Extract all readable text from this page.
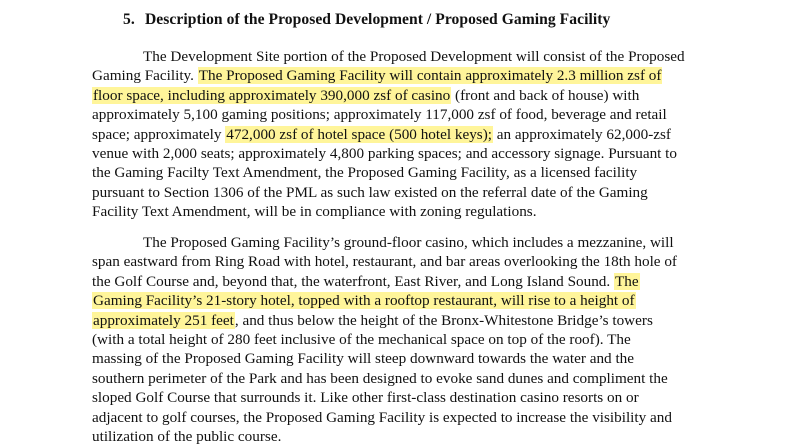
5. Description of the Proposed Development / Proposed Gaming Facility
The Development Site portion of the Proposed Development will consist of the Proposed
Gaming Facility. The Proposed Gaming Facility will contain approximately 2.3 million zsf of
floor space, including approximately 390,000 zsf of casino (front and back of house) with
approximately 5,100 gaming positions; approximately 117,000 zsf of food, beverage and retail
space; approximately 472,000 zsf of hotel space (500 hotel keys); an approximately 62,000-zsf
venue with 2,000 seats; approximately 4,800 parking spaces; and accessory signage. Pursuant to
the Gaming Facilty Text Amendment, the Proposed Gaming Facility, as a licensed facility
pursuant to Section 1306 of the PML as such law existed on the referral date of the Gaming
Facility Text Amendment, will be in compliance with zoning regulations.
The Proposed Gaming Facility’s ground-floor casino, which includes a mezzanine, will
span eastward from Ring Road with hotel, restaurant, and bar areas overlooking the 18th hole of
the Golf Course and, beyond that, the waterfront, East River, and Long Island Sound. The
Gaming Facility’s 21-story hotel, topped with a rooftop restaurant, will rise to a height of
approximately 251 feet, and thus below the height of the Bronx-Whitestone Bridge’s towers
(with a total height of 280 feet inclusive of the mechanical space on top of the roof). The
massing of the Proposed Gaming Facility will steep downward towards the water and the
southern perimeter of the Park and has been designed to evoke sand dunes and compliment the
sloped Golf Course that surrounds it. Like other first-class destination casino resorts on or
adjacent to golf courses, the Proposed Gaming Facility is expected to increase the visibility and
utilization of the public course.
